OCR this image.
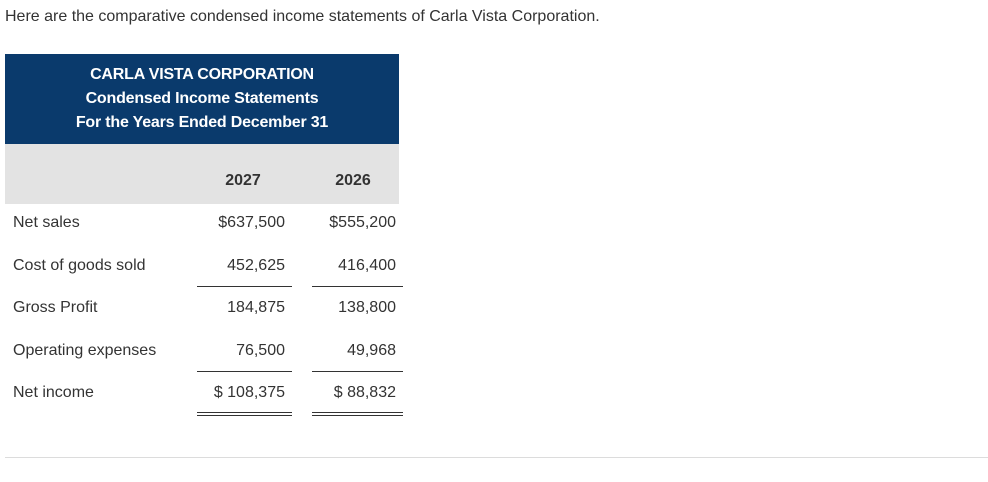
Here are the comparative condensed income statements of Carla Vista Corporation.
CARLA VISTA CORPORATION
Condensed Income Statements
For the Years Ended December 31
2027	2026
Net sales	$637,500	$555,200
Cost of goods sold	452,625	416,400
Gross Profit	184,875	138,800
Operating expenses	76,500	49,968
Net income	$ 108,375	$ 88,832
